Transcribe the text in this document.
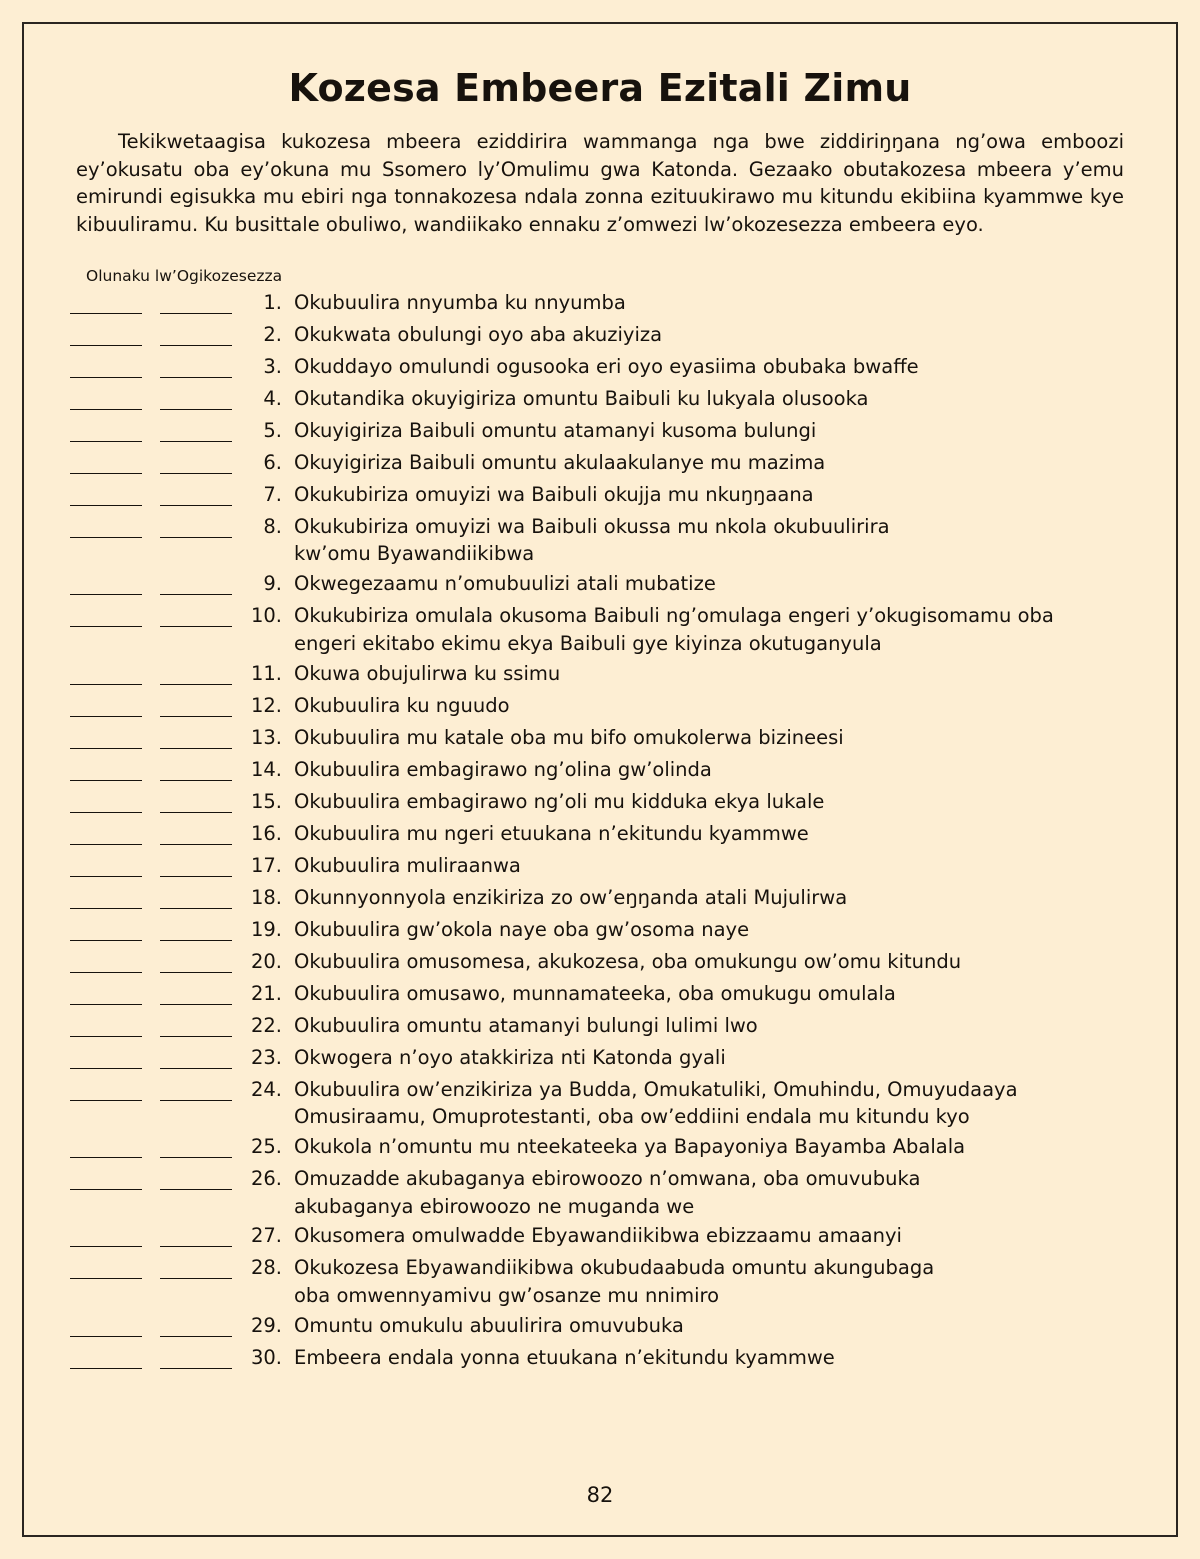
Kozesa Embeera Ezitali Zimu

Tekikwetaagisa kukozesa mbeera eziddirira wammanga nga bwe ziddiriŋŋana ng’owa emboozi ey’okusatu oba ey’okuna mu Ssomero ly’Omulimu gwa Katonda. Gezaako obutakozesa mbeera y’emu emirundi egisukka mu ebiri nga tonnakozesa ndala zonna ezituukirawo mu kitundu ekibiina kyammwe kye kibuuliramu. Ku busittale obuliwo, wandiikako ennaku z’omwezi lw’okozesezza embeera eyo.

Olunaku lw’Ogikozesezza
1. Okubuulira nnyumba ku nnyumba
2. Okukwata obulungi oyo aba akuziyiza
3. Okuddayo omulundi ogusooka eri oyo eyasiima obubaka bwaffe
4. Okutandika okuyigiriza omuntu Baibuli ku lukyala olusooka
5. Okuyigiriza Baibuli omuntu atamanyi kusoma bulungi
6. Okuyigiriza Baibuli omuntu akulaakulanye mu mazima
7. Okukubiriza omuyizi wa Baibuli okujja mu nkuŋŋaana
8. Okukubiriza omuyizi wa Baibuli okussa mu nkola okubuulirira
kw’omu Byawandiikibwa
9. Okwegezaamu n’omubuulizi atali mubatize
10. Okukubiriza omulala okusoma Baibuli ng’omulaga engeri y’okugisomamu oba
engeri ekitabo ekimu ekya Baibuli gye kiyinza okutuganyula
11. Okuwa obujulirwa ku ssimu
12. Okubuulira ku nguudo
13. Okubuulira mu katale oba mu bifo omukolerwa bizineesi
14. Okubuulira embagirawo ng’olina gw’olinda
15. Okubuulira embagirawo ng’oli mu kidduka ekya lukale
16. Okubuulira mu ngeri etuukana n’ekitundu kyammwe
17. Okubuulira muliraanwa
18. Okunnyonnyola enzikiriza zo ow’eŋŋanda atali Mujulirwa
19. Okubuulira gw’okola naye oba gw’osoma naye
20. Okubuulira omusomesa, akukozesa, oba omukungu ow’omu kitundu
21. Okubuulira omusawo, munnamateeka, oba omukugu omulala
22. Okubuulira omuntu atamanyi bulungi lulimi lwo
23. Okwogera n’oyo atakkiriza nti Katonda gyali
24. Okubuulira ow’enzikiriza ya Budda, Omukatuliki, Omuhindu, Omuyudaaya
Omusiraamu, Omuprotestanti, oba ow’eddiini endala mu kitundu kyo
25. Okukola n’omuntu mu nteekateeka ya Bapayoniya Bayamba Abalala
26. Omuzadde akubaganya ebirowoozo n’omwana, oba omuvubuka
akubaganya ebirowoozo ne muganda we
27. Okusomera omulwadde Ebyawandiikibwa ebizzaamu amaanyi
28. Okukozesa Ebyawandiikibwa okubudaabuda omuntu akungubaga
oba omwennyamivu gw’osanze mu nnimiro
29. Omuntu omukulu abuulirira omuvubuka
30. Embeera endala yonna etuukana n’ekitundu kyammwe
82
